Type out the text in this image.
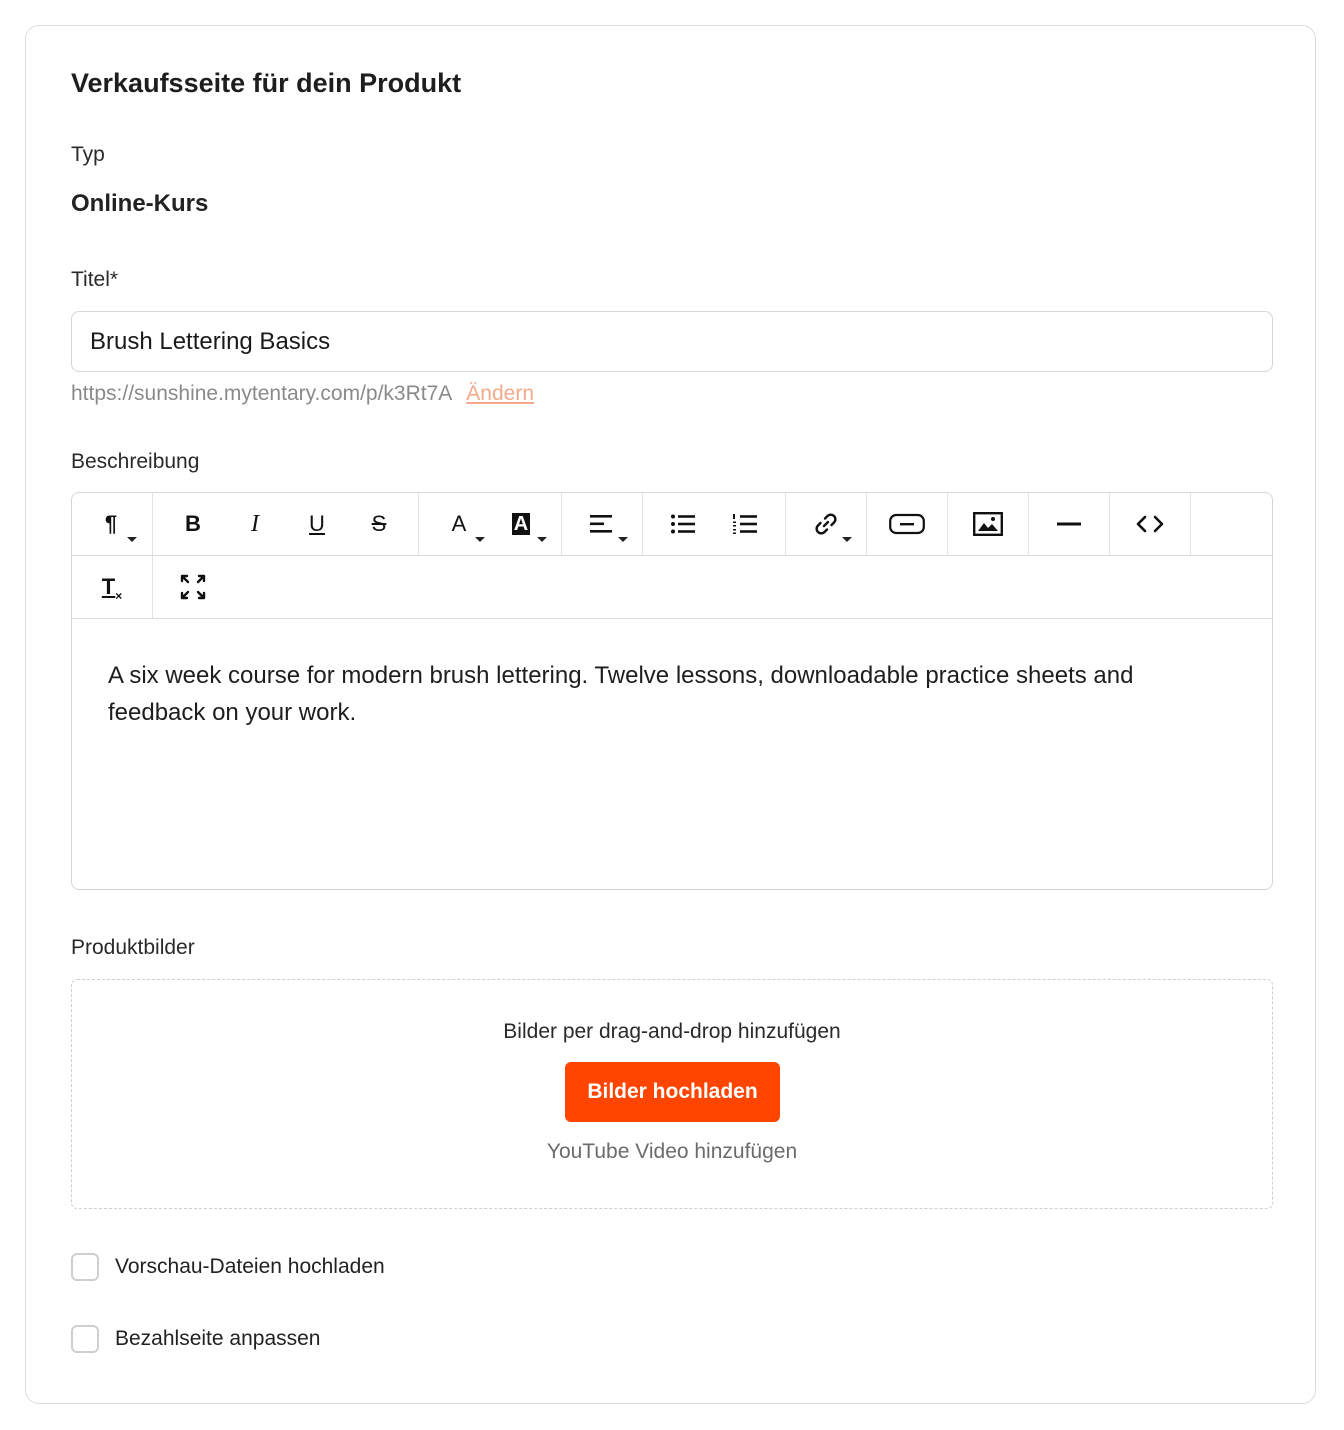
Verkaufsseite für dein Produkt
Typ
Online-Kurs
Titel*
Brush Lettering Basics
https://sunshine.mytentary.com/p/k3Rt7A Ändern
Beschreibung
¶	B I U S	A A
$T_\times$
A six week course for modern brush lettering. Twelve lessons, downloadable practice sheets and feedback on your work.
Produktbilder
Bilder per drag-and-drop hinzufügen
Bilder hochladen
YouTube Video hinzufügen
Vorschau-Dateien hochladen
Bezahlseite anpassen
